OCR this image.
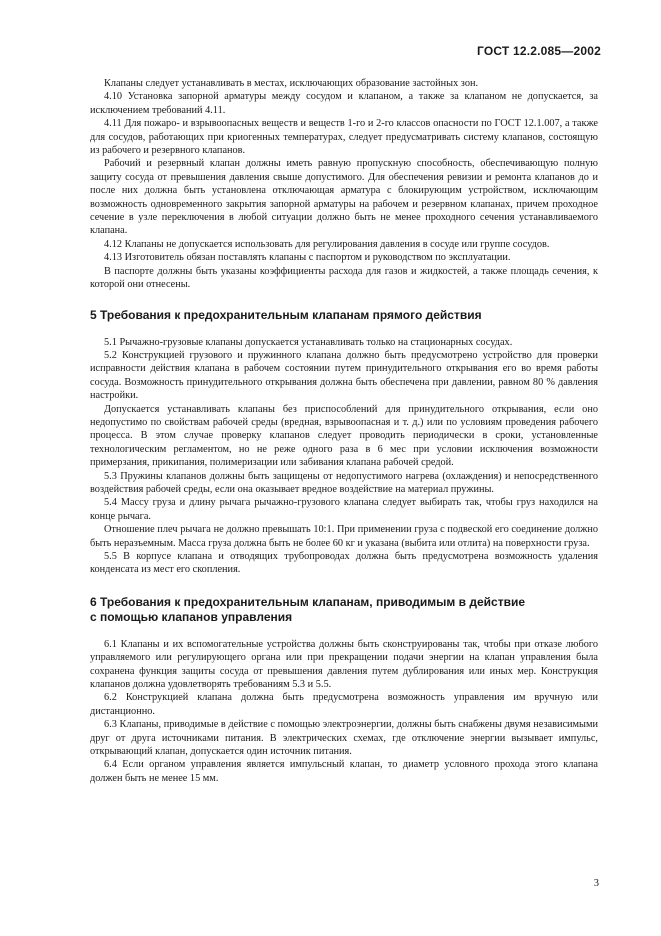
ГОСТ 12.2.085—2002

Клапаны следует устанавливать в местах, исключающих образование застойных зон.

4.10 Установка запорной арматуры между сосудом и клапаном, а также за клапаном не допускается, за исключением требований 4.11.

4.11 Для пожаро- и взрывоопасных веществ и веществ 1-го и 2-го классов опасности по ГОСТ 12.1.007, а также для сосудов, работающих при криогенных температурах, следует предусматривать систему клапанов, состоящую из рабочего и резервного клапанов.

Рабочий и резервный клапан должны иметь равную пропускную способность, обеспечивающую полную защиту сосуда от превышения давления свыше допустимого. Для обеспечения ревизии и ремонта клапанов до и после них должна быть установлена отключающая арматура с блокирующим устройством, исключающим возможность одновременного закрытия запорной арматуры на рабочем и резервном клапанах, причем проходное сечение в узле переключения в любой ситуации должно быть не менее проходного сечения устанавливаемого клапана.

4.12 Клапаны не допускается использовать для регулирования давления в сосуде или группе сосудов.

4.13 Изготовитель обязан поставлять клапаны с паспортом и руководством по эксплуатации.

В паспорте должны быть указаны коэффициенты расхода для газов и жидкостей, а также площадь сечения, к которой они отнесены.

5 Требования к предохранительным клапанам прямого действия

5.1 Рычажно-грузовые клапаны допускается устанавливать только на стационарных сосудах.

5.2 Конструкцией грузового и пружинного клапана должно быть предусмотрено устройство для проверки исправности действия клапана в рабочем состоянии путем принудительного открывания его во время работы сосуда. Возможность принудительного открывания должна быть обеспечена при давлении, равном 80 % давления настройки.

Допускается устанавливать клапаны без приспособлений для принудительного открывания, если оно недопустимо по свойствам рабочей среды (вредная, взрывоопасная и т. д.) или по условиям проведения рабочего процесса. В этом случае проверку клапанов следует проводить периодически в сроки, установленные технологическим регламентом, но не реже одного раза в 6 мес при условии исключения возможности примерзания, прикипания, полимеризации или забивания клапана рабочей средой.

5.3 Пружины клапанов должны быть защищены от недопустимого нагрева (охлаждения) и непосредственного воздействия рабочей среды, если она оказывает вредное воздействие на материал пружины.

5.4 Массу груза и длину рычага рычажно-грузового клапана следует выбирать так, чтобы груз находился на конце рычага.

Отношение плеч рычага не должно превышать 10:1. При применении груза с подвеской его соединение должно быть неразъемным. Масса груза должна быть не более 60 кг и указана (выбита или отлита) на поверхности груза.

5.5 В корпусе клапана и отводящих трубопроводах должна быть предусмотрена возможность удаления конденсата из мест его скопления.

6 Требования к предохранительным клапанам, приводимым в действие
с помощью клапанов управления

6.1 Клапаны и их вспомогательные устройства должны быть сконструированы так, чтобы при отказе любого управляемого или регулирующего органа или при прекращении подачи энергии на клапан управления была сохранена функция защиты сосуда от превышения давления путем дублирования или иных мер. Конструкция клапанов должна удовлетворять требованиям 5.3 и 5.5.

6.2 Конструкцией клапана должна быть предусмотрена возможность управления им вручную или дистанционно.

6.3 Клапаны, приводимые в действие с помощью электроэнергии, должны быть снабжены двумя независимыми друг от друга источниками питания. В электрических схемах, где отключение энергии вызывает импульс, открывающий клапан, допускается один источник питания.

6.4 Если органом управления является импульсный клапан, то диаметр условного прохода этого клапана должен быть не менее 15 мм.

3
